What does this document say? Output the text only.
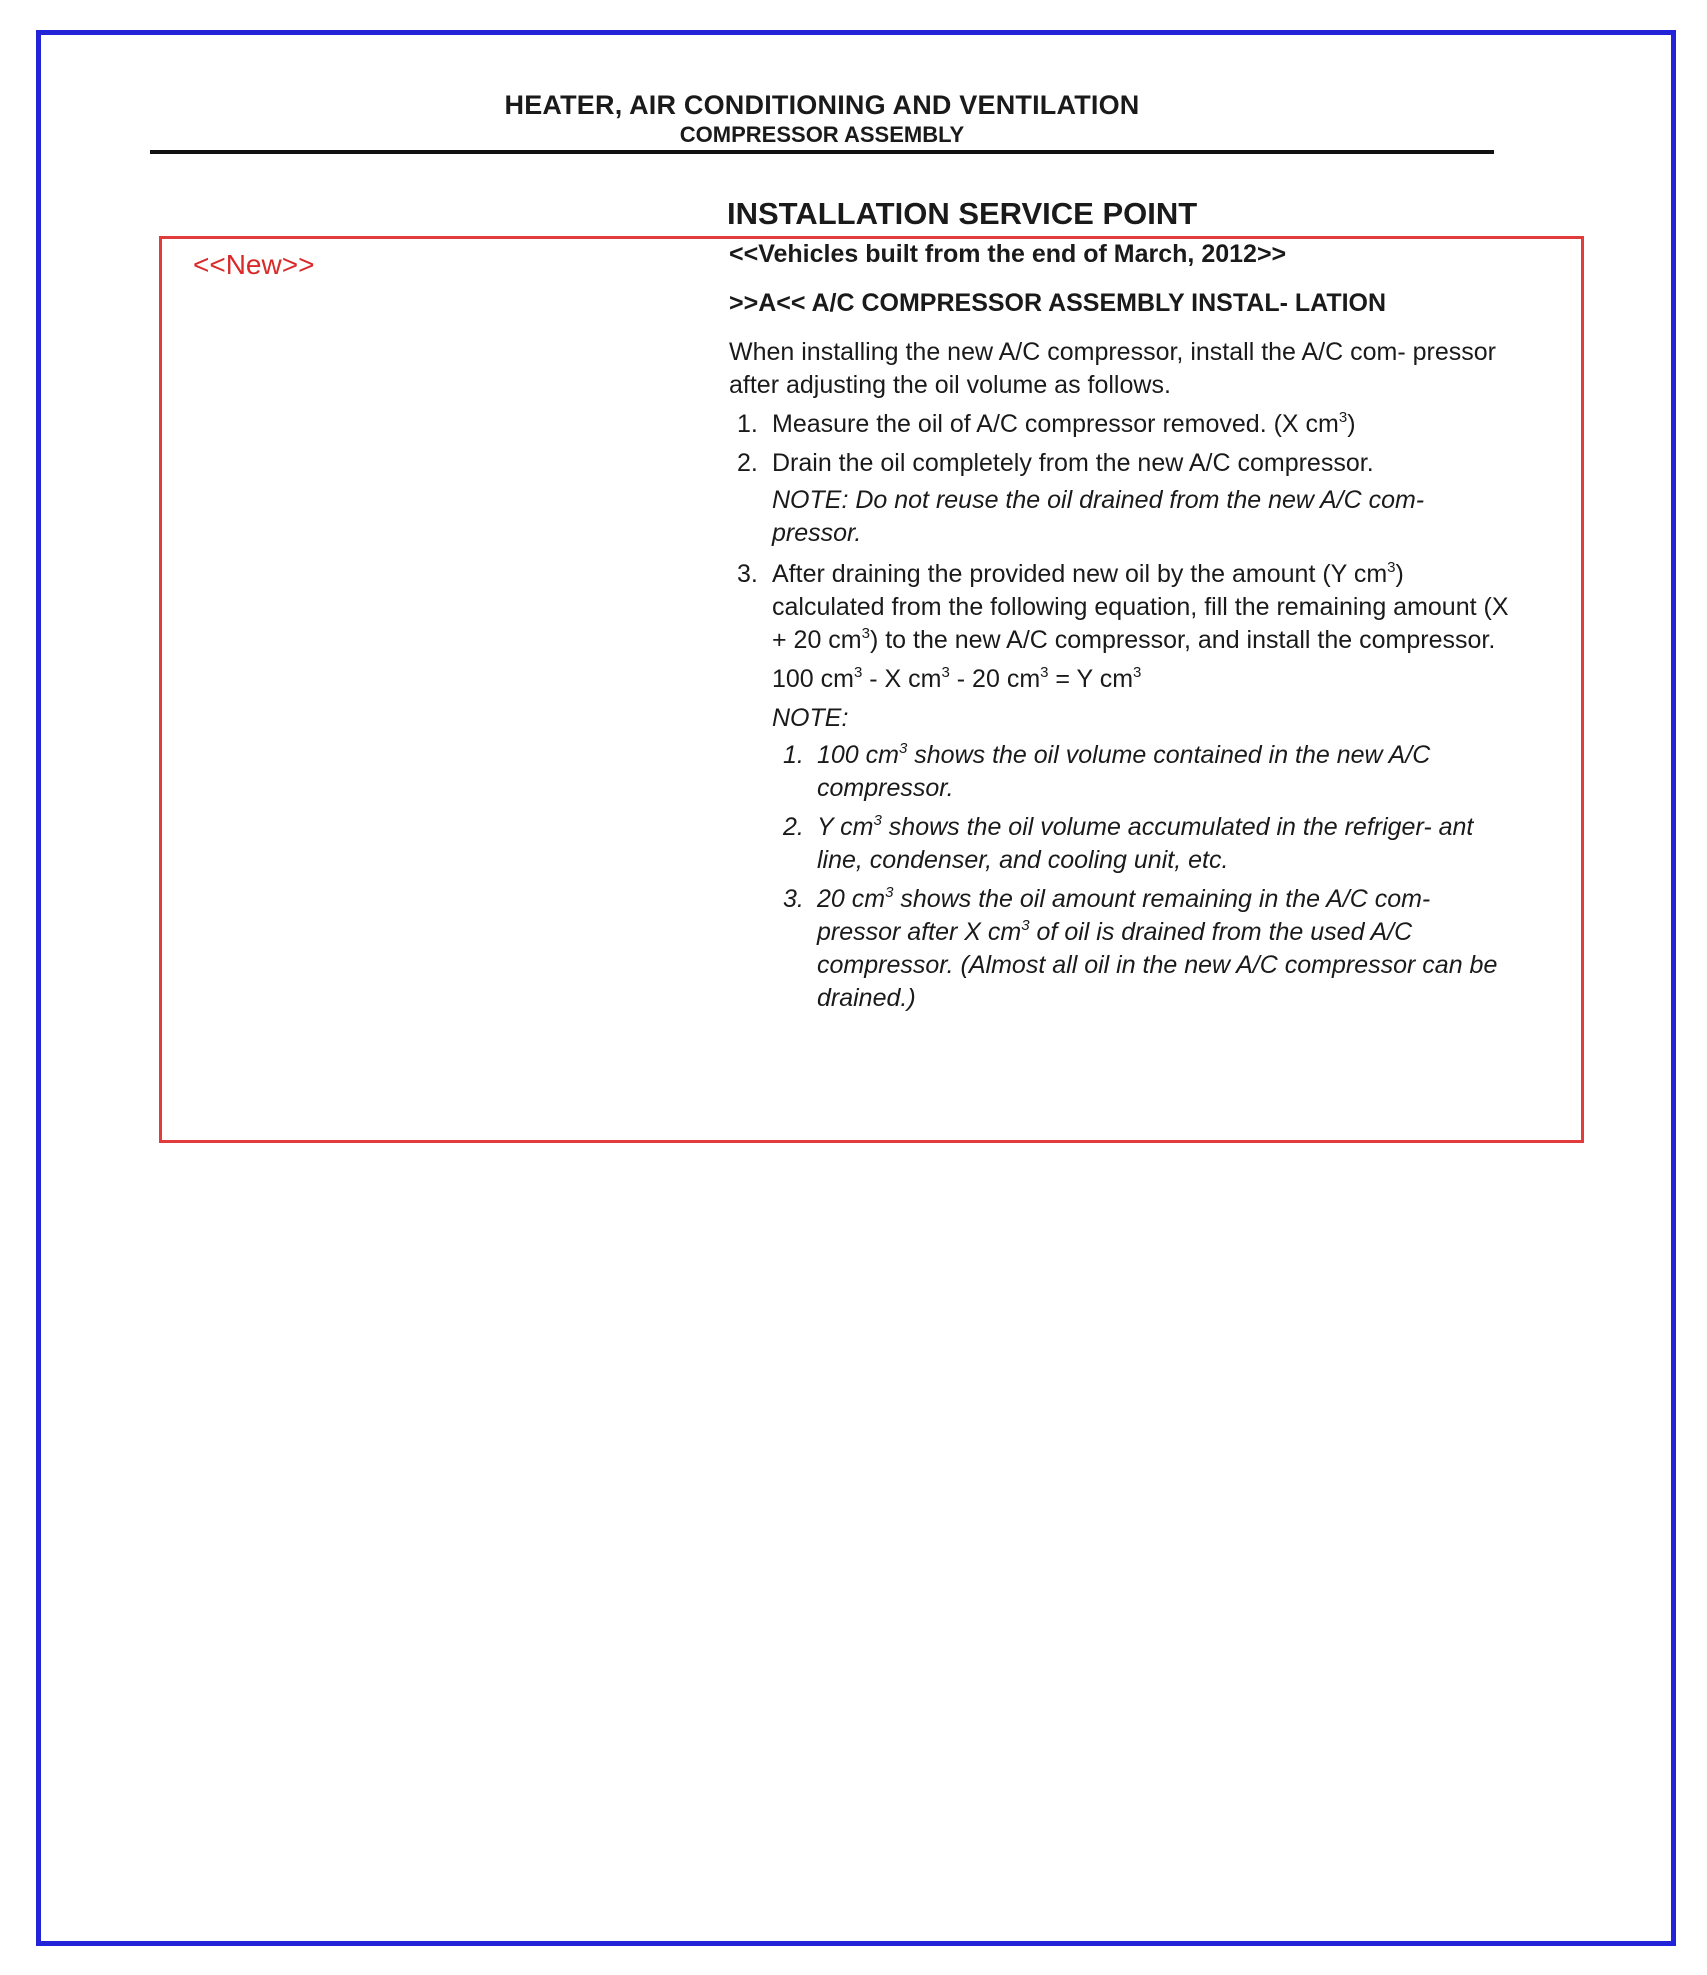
HEATER, AIR CONDITIONING AND VENTILATION
COMPRESSOR ASSEMBLY
INSTALLATION SERVICE POINT
<<New>>	<<Vehicles built from the end of March, 2012>>
>>A<< A/C COMPRESSOR ASSEMBLY INSTAL- LATION
When installing the new A/C compressor, install the A/C com- pressor after adjusting the oil volume as follows.
1. Measure the oil of A/C compressor removed. (X $cm^3$)
2. Drain the oil completely from the new A/C compressor.
NOTE: Do not reuse the oil drained from the new A/C com- pressor.
3. After draining the provided new oil by the amount (Y $cm^3$) calculated from the following equation, fill the remaining amount (X + 20 $cm^3$) to the new A/C compressor, and install the compressor.
100 $cm^3$ - X $cm^3 - 20$ $cm^3 = Y$ $cm^3$
NOTE:
1. 100 $cm^3$ shows the oil volume contained in the new A/C compressor.
2. Y $cm^3$ shows the oil volume accumulated in the refriger- ant line, condenser, and cooling unit, etc.
3. 20 $cm^3$ shows the oil amount remaining in the A/C com- pressor after X $cm^3$ of oil is drained from the used A/C compressor. (Almost all oil in the new A/C compressor can be drained.)
